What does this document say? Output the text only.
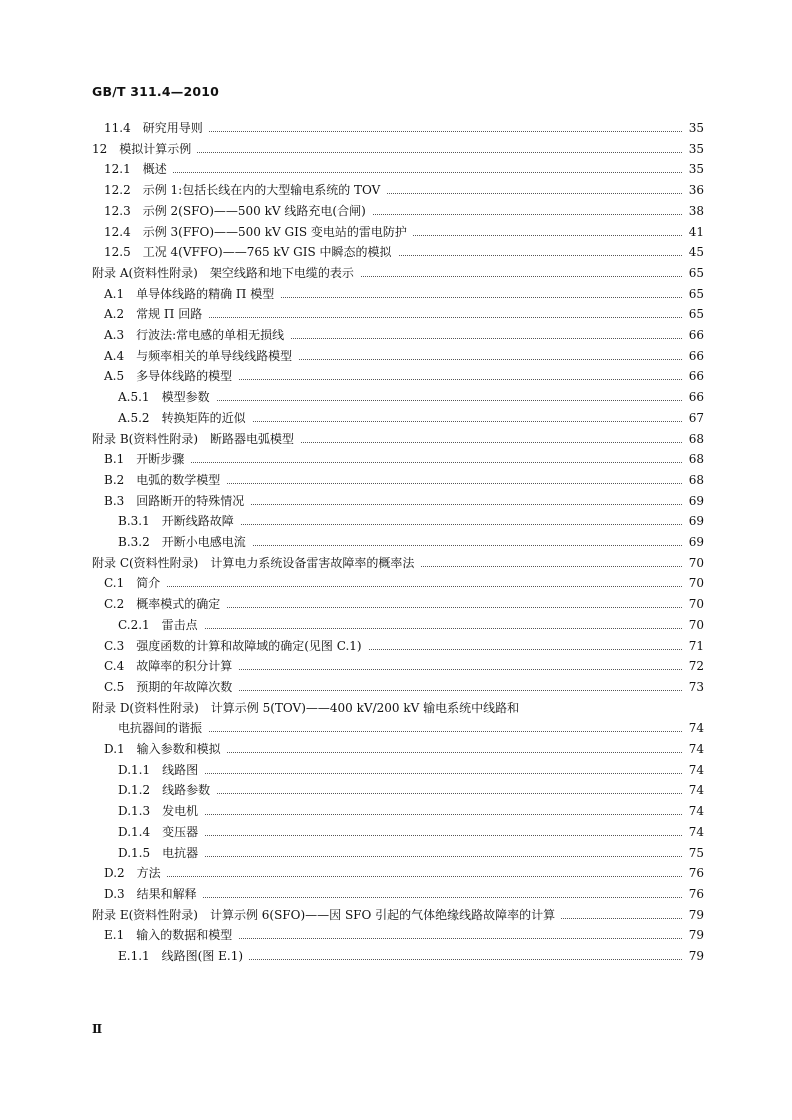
GB/T 311.4—2010
11.4　研究用导则	35
12　模拟计算示例	35
12.1　概述	35
12.2　示例 1:包括长线在内的大型输电系统的 TOV	36
12.3　示例 2(SFO)——500 kV 线路充电(合闸)	38
12.4　示例 3(FFO)——500 kV GIS 变电站的雷电防护	41
12.5　工况 4(VFFO)——765 kV GIS 中瞬态的模拟	45
附录 A(资料性附录)　架空线路和地下电缆的表示	65
A.1　单导体线路的精确 Π 模型	65
A.2　常规 Π 回路	65
A.3　行波法:常电感的单相无损线	66
A.4　与频率相关的单导线线路模型	66
A.5　多导体线路的模型	66
A.5.1　模型参数	66
A.5.2　转换矩阵的近似	67
附录 B(资料性附录)　断路器电弧模型	68
B.1　开断步骤	68
B.2　电弧的数学模型	68
B.3　回路断开的特殊情况	69
B.3.1　开断线路故障	69
B.3.2　开断小电感电流	69
附录 C(资料性附录)　计算电力系统设备雷害故障率的概率法	70
C.1　简介	70
C.2　概率模式的确定	70
C.2.1　雷击点	70
C.3　强度函数的计算和故障域的确定(见图 C.1)	71
C.4　故障率的积分计算	72
C.5　预期的年故障次数	73
附录 D(资料性附录)　计算示例 5(TOV)——400 kV/200 kV 输电系统中线路和
电抗器间的谐振	74
D.1　输入参数和模拟	74
D.1.1　线路图	74
D.1.2　线路参数	74
D.1.3　发电机	74
D.1.4　变压器	74
D.1.5　电抗器	75
D.2　方法	76
D.3　结果和解释	76
附录 E(资料性附录)　计算示例 6(SFO)——因 SFO 引起的气体绝缘线路故障率的计算	79
E.1　输入的数据和模型	79
E.1.1　线路图(图 E.1)	79
Ⅱ
